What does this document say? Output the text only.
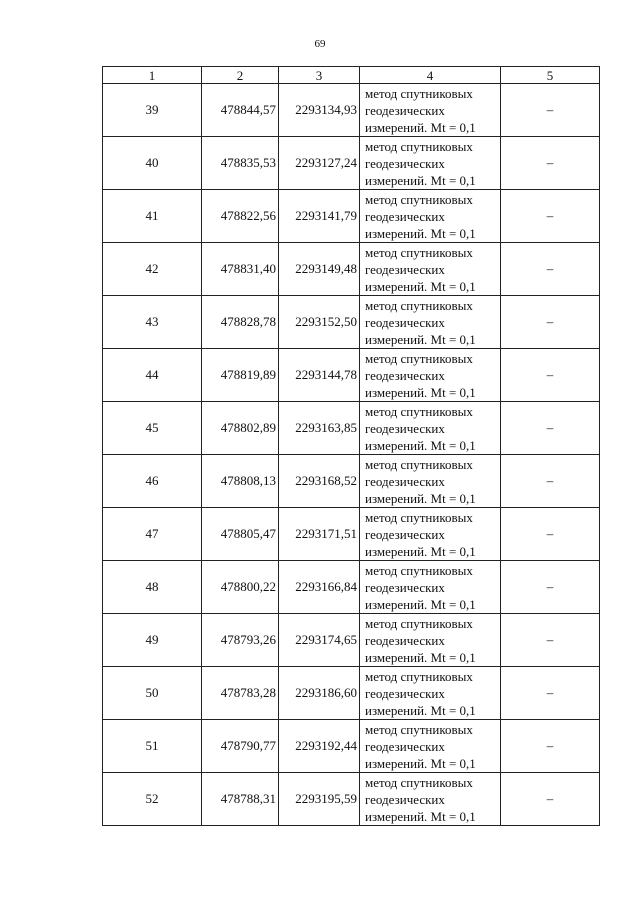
69
1	2	3	4	5
39	478844,57	2293134,93	метод спутниковых
геодезических
измерений. Mt = 0,1	–
40	478835,53	2293127,24	метод спутниковых
геодезических
измерений. Mt = 0,1	–
41	478822,56	2293141,79	метод спутниковых
геодезических
измерений. Mt = 0,1	–
42	478831,40	2293149,48	метод спутниковых
геодезических
измерений. Mt = 0,1	–
43	478828,78	2293152,50	метод спутниковых
геодезических
измерений. Mt = 0,1	–
44	478819,89	2293144,78	метод спутниковых
геодезических
измерений. Mt = 0,1	–
45	478802,89	2293163,85	метод спутниковых
геодезических
измерений. Mt = 0,1	–
46	478808,13	2293168,52	метод спутниковых
геодезических
измерений. Mt = 0,1	–
47	478805,47	2293171,51	метод спутниковых
геодезических
измерений. Mt = 0,1	–
48	478800,22	2293166,84	метод спутниковых
геодезических
измерений. Mt = 0,1	–
49	478793,26	2293174,65	метод спутниковых
геодезических
измерений. Mt = 0,1	–
50	478783,28	2293186,60	метод спутниковых
геодезических
измерений. Mt = 0,1	–
51	478790,77	2293192,44	метод спутниковых
геодезических
измерений. Mt = 0,1	–
52	478788,31	2293195,59	метод спутниковых
геодезических
измерений. Mt = 0,1	–
